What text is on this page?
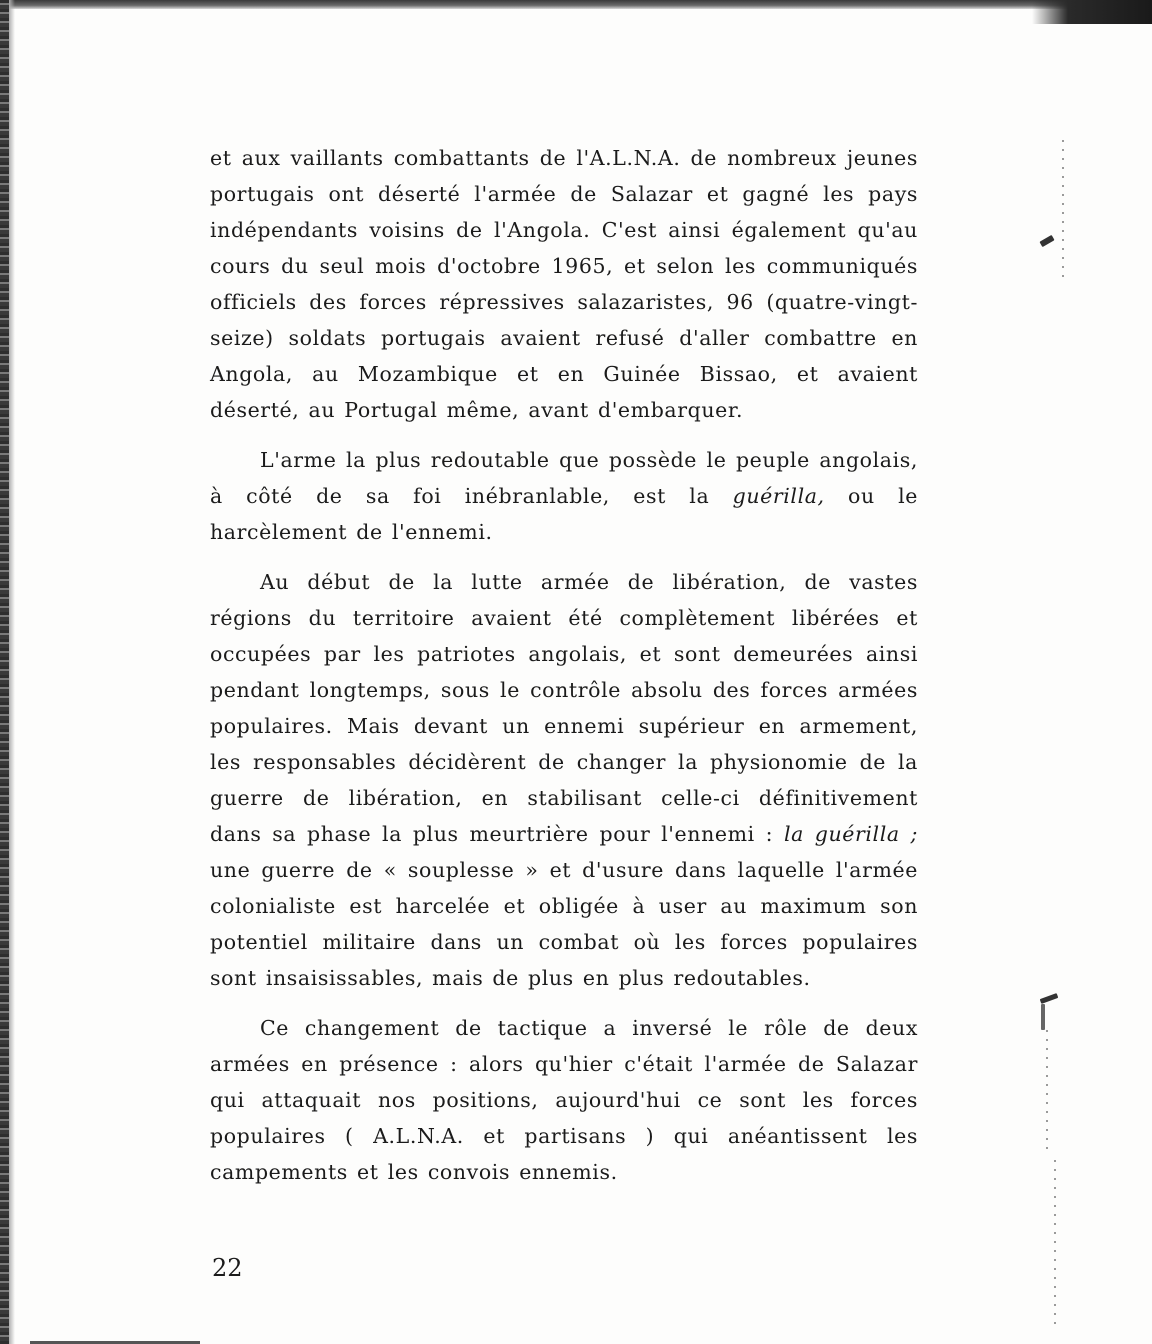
et aux vaillants combattants de l'A.L.N.A. de nombreux jeunes portugais ont déserté l'armée de Salazar et gagné les pays indépendants voisins de l'Angola. C'est ainsi également qu'au cours du seul mois d'octobre 1965, et selon les communiqués officiels des forces répressives salazaristes, 96 (quatre-vingt-seize) soldats portugais avaient refusé d'aller combattre en Angola, au Mozambique et en Guinée Bissao, et avaient déserté, au Portugal même, avant d'embarquer.

L'arme la plus redoutable que possède le peuple angolais, à côté de sa foi inébranlable, est la guérilla, ou le harcèlement de l'ennemi.

Au début de la lutte armée de libération, de vastes régions du territoire avaient été complètement libérées et occupées par les patriotes angolais, et sont demeurées ainsi pendant longtemps, sous le contrôle absolu des forces armées populaires. Mais devant un ennemi supérieur en armement, les responsables décidèrent de changer la physionomie de la guerre de libération, en stabilisant celle-ci définitivement dans sa phase la plus meurtrière pour l'ennemi : la guérilla ; une guerre de « souplesse » et d'usure dans laquelle l'armée colonialiste est harcelée et obligée à user au maximum son potentiel militaire dans un combat où les forces populaires sont insaisissables, mais de plus en plus redoutables.

Ce changement de tactique a inversé le rôle de deux armées en présence : alors qu'hier c'était l'armée de Salazar qui attaquait nos positions, aujourd'hui ce sont les forces populaires ( A.L.N.A. et partisans ) qui anéantissent les campements et les convois ennemis.

22
